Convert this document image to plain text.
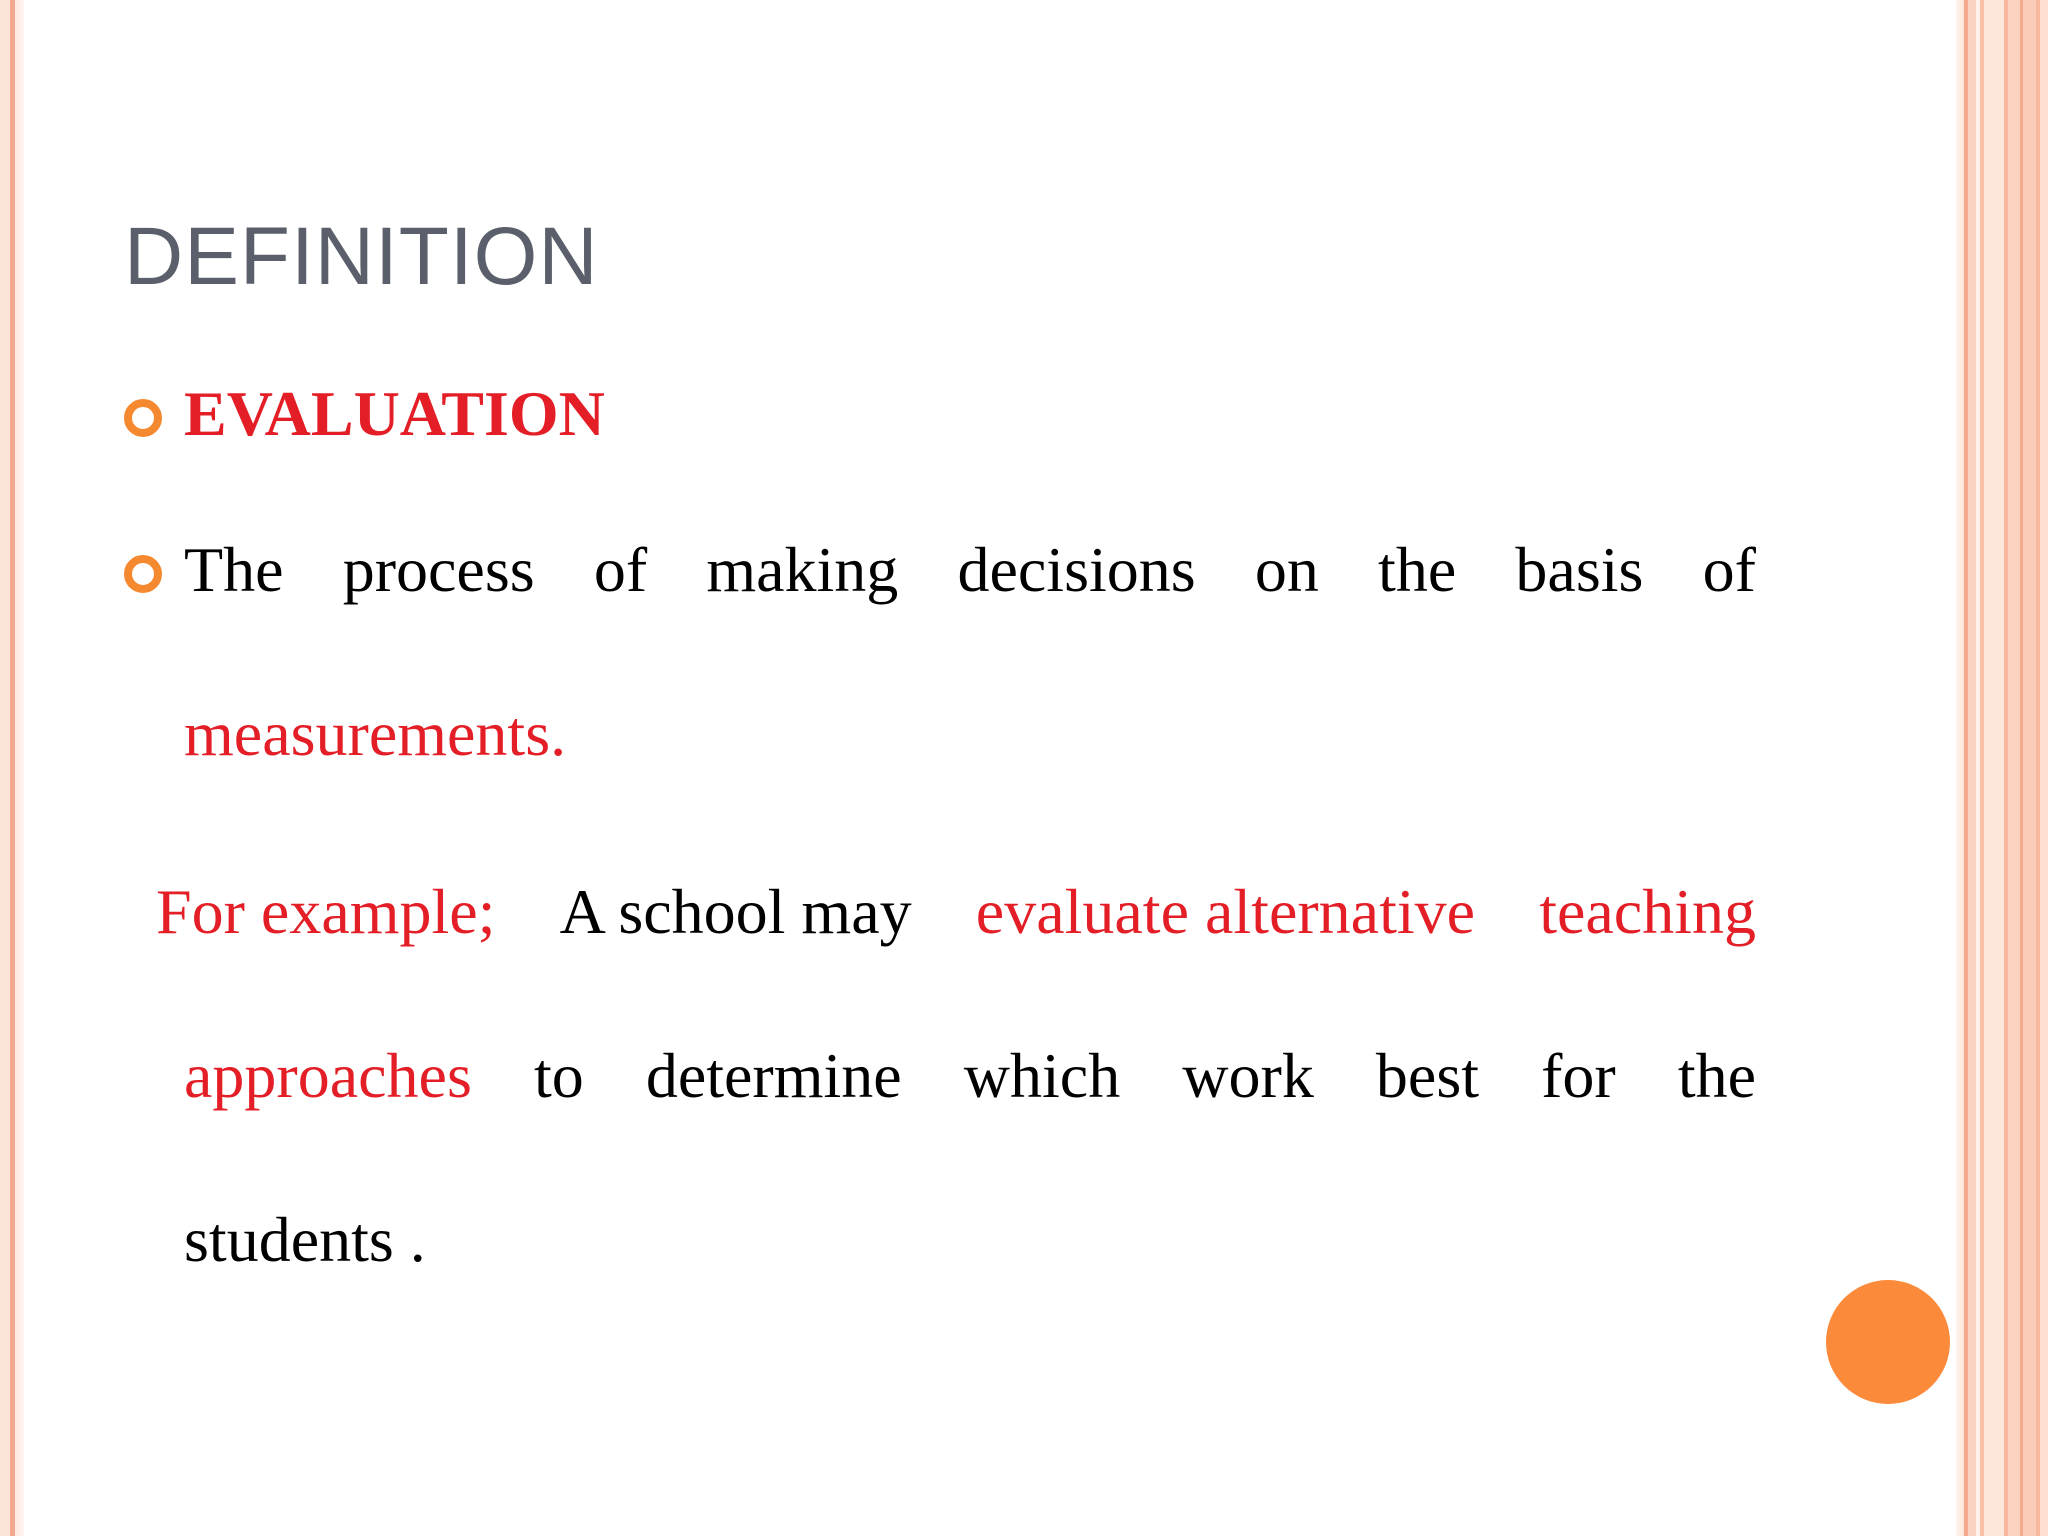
DEFINITION
EVALUATION
The process of making decisions on the basis of
measurements.
For example; A school may evaluate alternative teaching
approaches to determine which work best for the
students .
